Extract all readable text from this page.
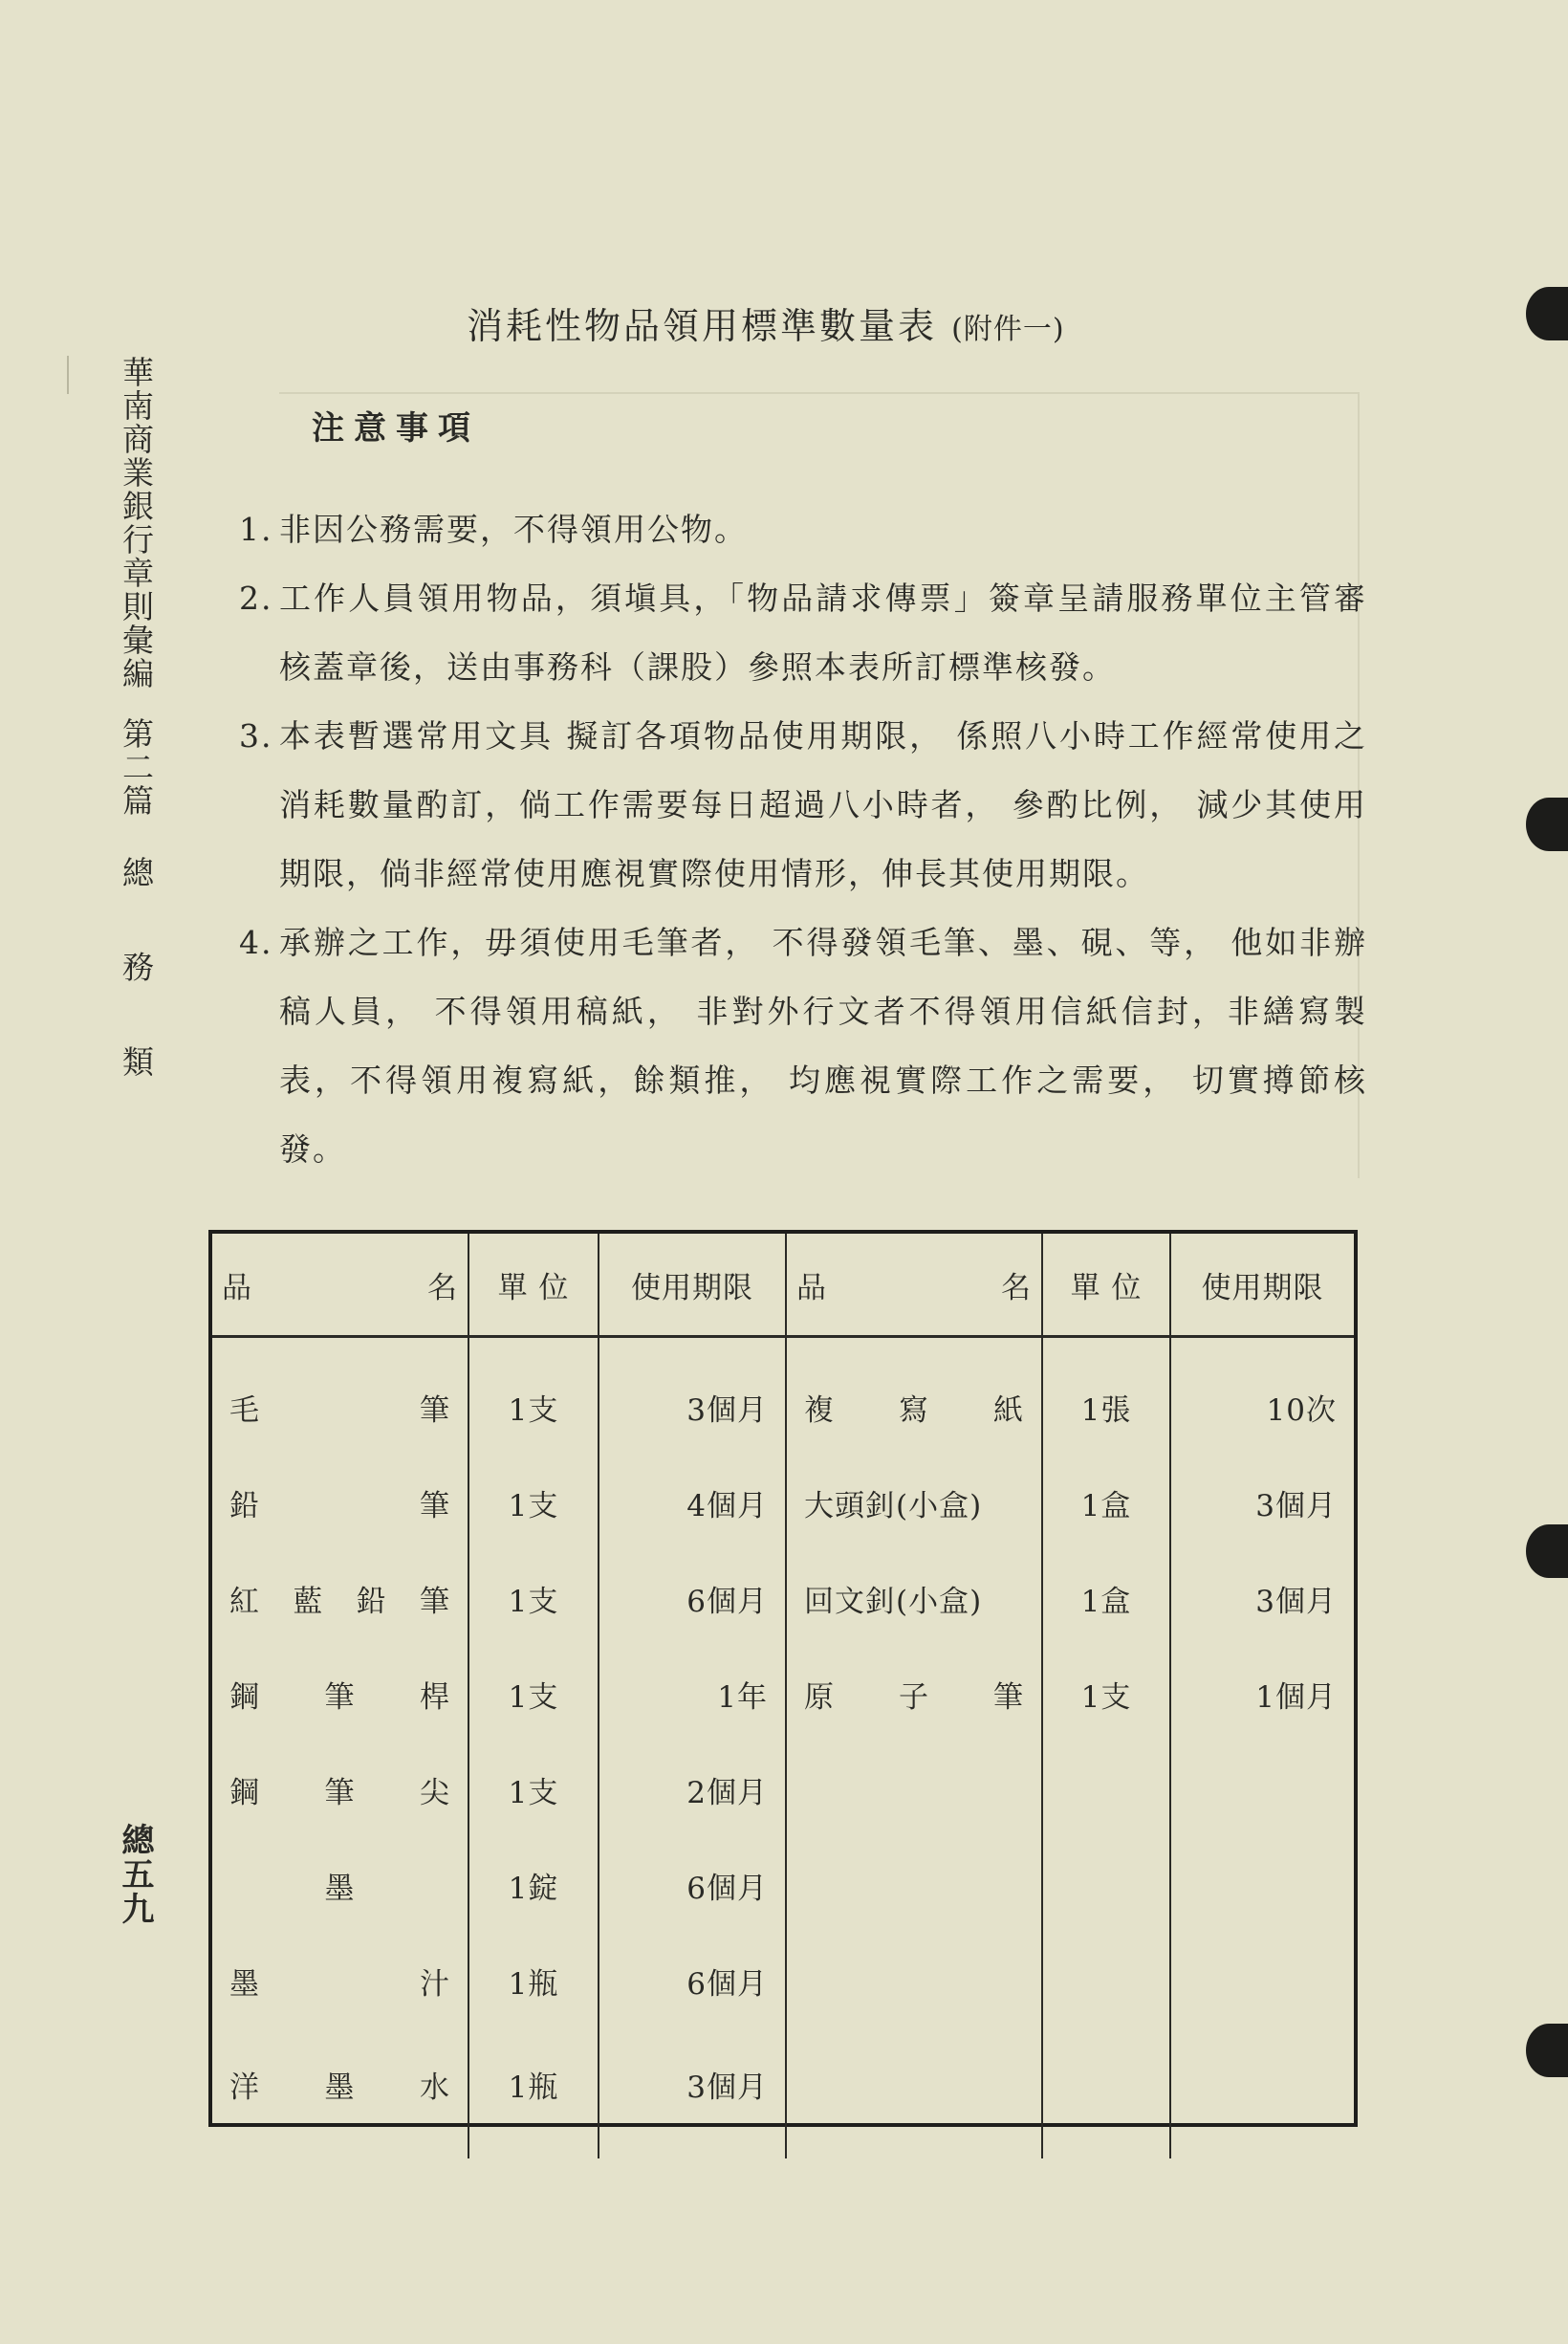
華南商業銀行章則彙編第二篇總務類
總五九
消耗性物品領用標準數量表 (附件一)
注意事項
1. 非因公務需要，不得領用公物。
2. 工作人員領用物品，須塡具，「物品請求傳票」簽章呈請服務單位主管審核蓋章後，送由事務科（課股）參照本表所訂標準核發。
3. 本表暫選常用文具 擬訂各項物品使用期限， 係照八小時工作經常使用之消耗數量酌訂，倘工作需要每日超過八小時者， 參酌比例， 減少其使用期限，倘非經常使用應視實際使用情形，伸長其使用期限。
4. 承辦之工作，毋須使用毛筆者， 不得發領毛筆、墨、硯、等， 他如非辦稿人員， 不得領用稿紙， 非對外行文者不得領用信紙信封，非繕寫製表，不得領用複寫紙，餘類推， 均應視實際工作之需要， 切實撙節核發。
品 名	單 位	使用期限	品 名	單 位	使用期限
毛筆	1支	3個月	複寫紙	1張	10次
鉛筆	1支	4個月	大頭釗(小盒)	1盒	3個月
紅藍鉛筆	1支	6個月	回文釗(小盒)	1盒	3個月
鋼筆桿	1支	1年	原子筆	1支	1個月
鋼筆尖	1支	2個月			
墨	1錠	6個月			
墨汁	1瓶	6個月			
洋墨水	1瓶	3個月			
